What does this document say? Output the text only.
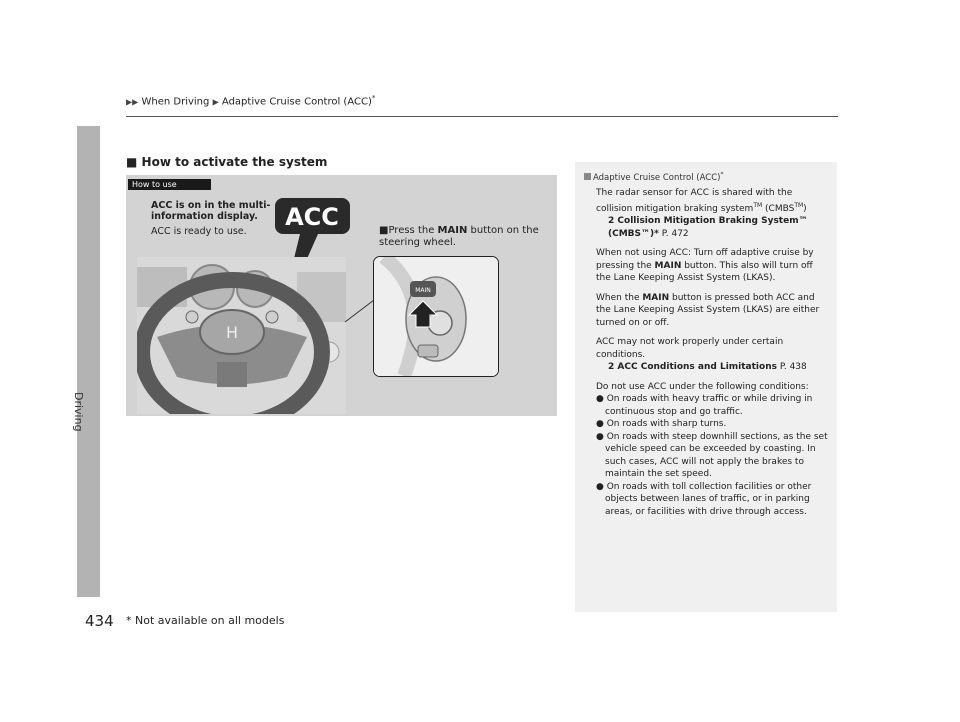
Driving
▶▶ When Driving ▶ Adaptive Cruise Control (ACC)*
■ How to activate the system
How to use
ACC is on in the multi-information display.
ACC is ready to use.
ACC	■Press the MAIN button on the steering wheel.
H
MAIN
Adaptive Cruise Control (ACC)*

The radar sensor for ACC is shared with the collision mitigation braking system™ (CMBS™)
2 Collision Mitigation Braking System™ (CMBS™)* P. 472

When not using ACC: Turn off adaptive cruise by pressing the MAIN button. This also will turn off the Lane Keeping Assist System (LKAS).

When the MAIN button is pressed both ACC and the Lane Keeping Assist System (LKAS) are either turned on or off.

ACC may not work properly under certain conditions.
2 ACC Conditions and Limitations P. 438

Do not use ACC under the following conditions:

● On roads with heavy traffic or while driving in continuous stop and go traffic.
● On roads with sharp turns.
● On roads with steep downhill sections, as the set vehicle speed can be exceeded by coasting. In such cases, ACC will not apply the brakes to maintain the set speed.
● On roads with toll collection facilities or other objects between lanes of traffic, or in parking areas, or facilities with drive through access.
434 * Not available on all models
